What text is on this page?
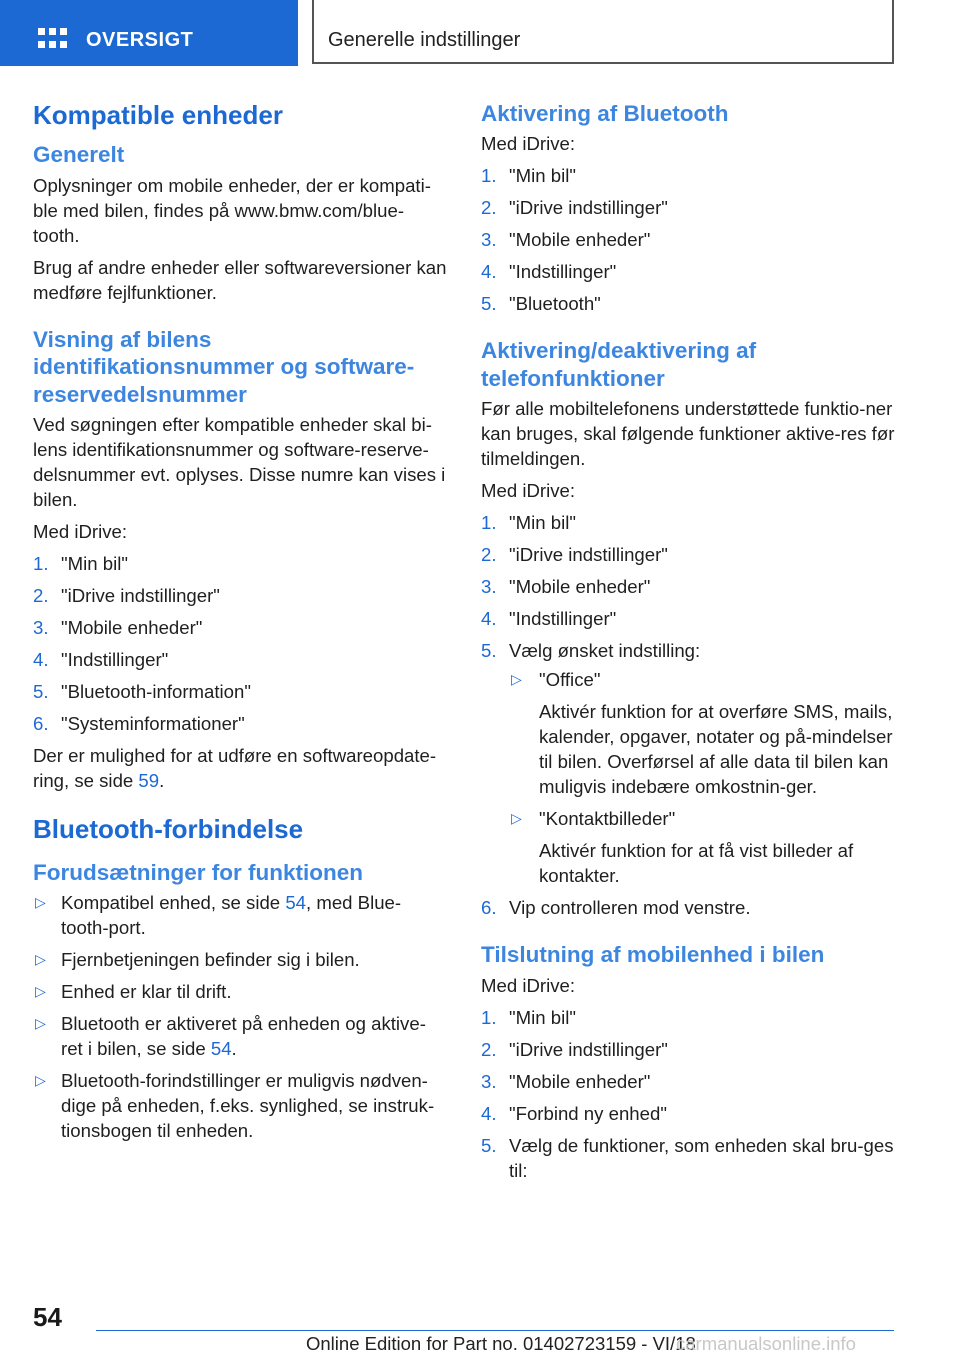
OVERSIGT	Generelle indstillinger
Kompatible enheder
Generelt

Oplysninger om mobile enheder, der er kompati-ble med bilen, findes på www.bmw.com/blue-tooth.

Brug af andre enheder eller softwareversioner kan medføre fejlfunktioner.

Visning af bilens identifikationsnummer og software-reservedelsnummer

Ved søgningen efter kompatible enheder skal bi-lens identifikationsnummer og software-reserve-delsnummer evt. oplyses. Disse numre kan vises i bilen.

Med iDrive:

1. "Min bil"
2. "iDrive indstillinger"
3. "Mobile enheder"
4. "Indstillinger"
5. "Bluetooth-information"
6. "Systeminformationer"

Der er mulighed for at udføre en softwareopdate-ring, se side 59.

Bluetooth-forbindelse
Forudsætninger for funktionen
▷ Kompatibel enhed, se side 54, med Blue-tooth-port.
▷ Fjernbetjeningen befinder sig i bilen.
▷ Enhed er klar til drift.
▷ Bluetooth er aktiveret på enheden og aktive-ret i bilen, se side 54.
▷ Bluetooth-forindstillinger er muligvis nødven-dige på enheden, f.eks. synlighed, se instruk-tionsbogen til enheden.
Aktivering af Bluetooth

Med iDrive:

1. "Min bil"
2. "iDrive indstillinger"
3. "Mobile enheder"
4. "Indstillinger"
5. "Bluetooth"
Aktivering/deaktivering af telefonfunktioner

Før alle mobiltelefonens understøttede funktio-ner kan bruges, skal følgende funktioner aktive-res før tilmeldingen.

Med iDrive:

1. "Min bil"
2. "iDrive indstillinger"
3. "Mobile enheder"
4. "Indstillinger"
5. Vælg ønsket indstilling:
▷ "Office"
Aktivér funktion for at overføre SMS, mails, kalender, opgaver, notater og på-mindelser til bilen. Overførsel af alle data til bilen kan muligvis indebære omkostnin-ger.
▷ "Kontaktbilleder"
Aktivér funktion for at få vist billeder af kontakter.
6. Vip controlleren mod venstre.
Tilslutning af mobilenhed i bilen

Med iDrive:

1. "Min bil"
2. "iDrive indstillinger"
3. "Mobile enheder"
4. "Forbind ny enhed"
5. Vælg de funktioner, som enheden skal bru-ges til:
54
Online Edition for Part no. 01402723159 - VI/18
carmanualsonline.info
